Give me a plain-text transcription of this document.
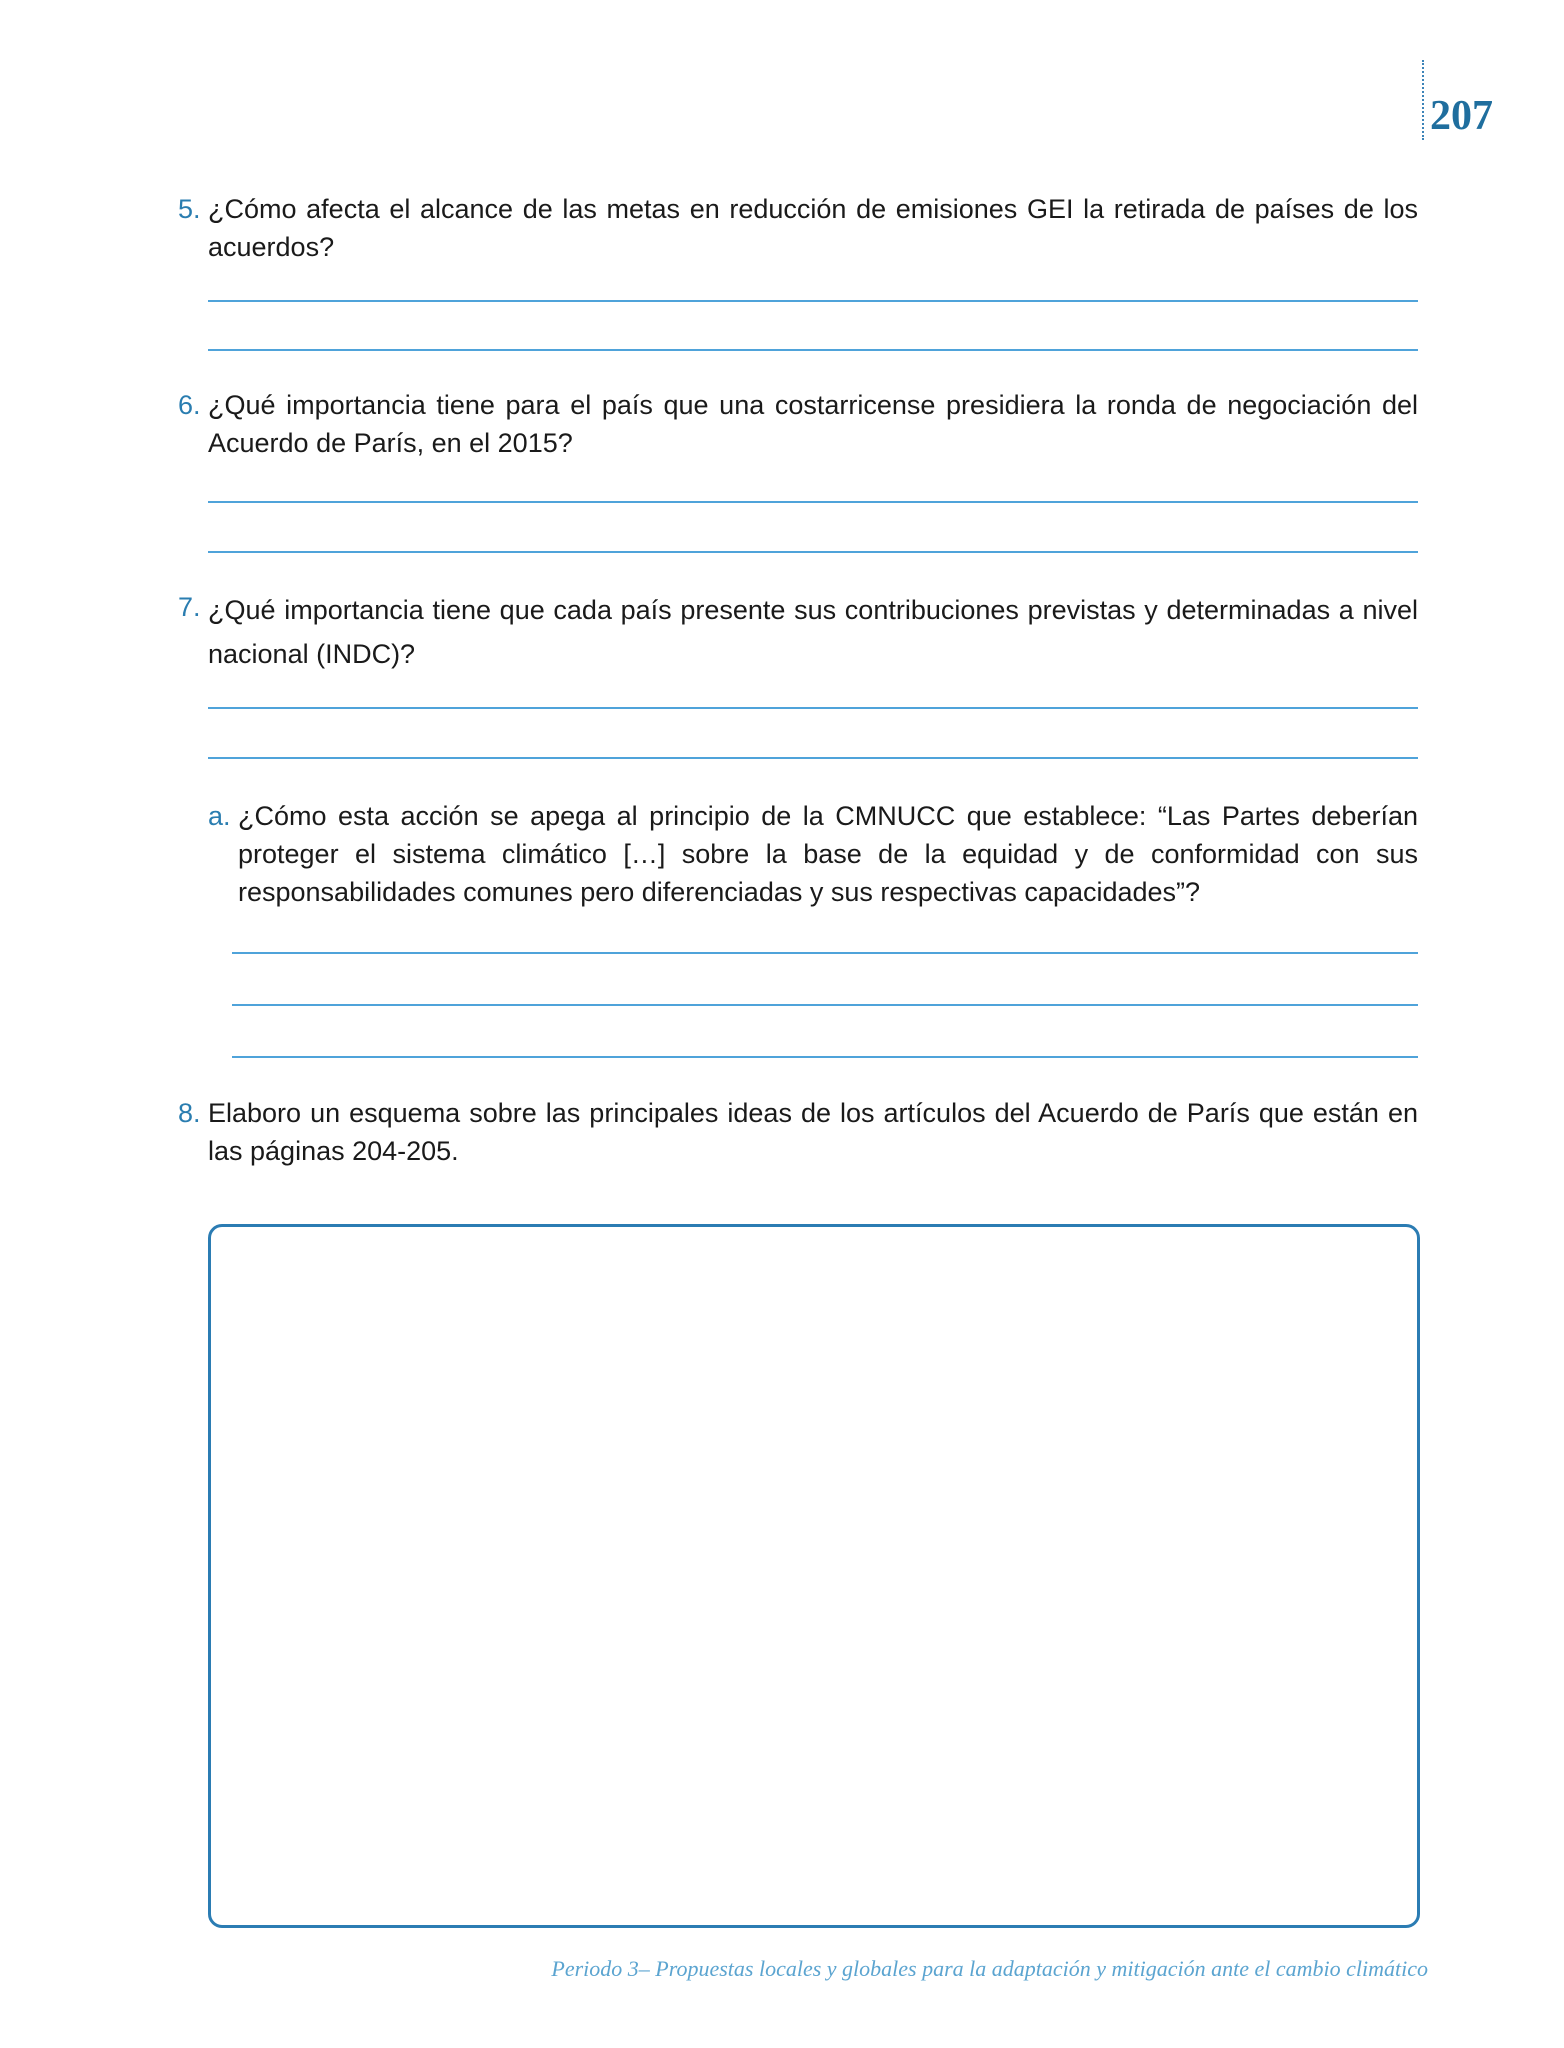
207
5. ¿Cómo afecta el alcance de las metas en reducción de emisiones GEI la retirada de países de los acuerdos?
6. ¿Qué importancia tiene para el país que una costarricense presidiera la ronda de negociación del Acuerdo de París, en el 2015?
7. ¿Qué importancia tiene que cada país presente sus contribuciones previstas y determinadas a nivel nacional (INDC)?
a. ¿Cómo esta acción se apega al principio de la CMNUCC que establece: “Las Partes deberían proteger el sistema climático […] sobre la base de la equidad y de conformidad con sus responsabilidades comunes pero diferenciadas y sus respectivas capacidades”?
8. Elaboro un esquema sobre las principales ideas de los artículos del Acuerdo de París que están en las páginas 204-205.
Periodo 3– Propuestas locales y globales para la adaptación y mitigación ante el cambio climático
